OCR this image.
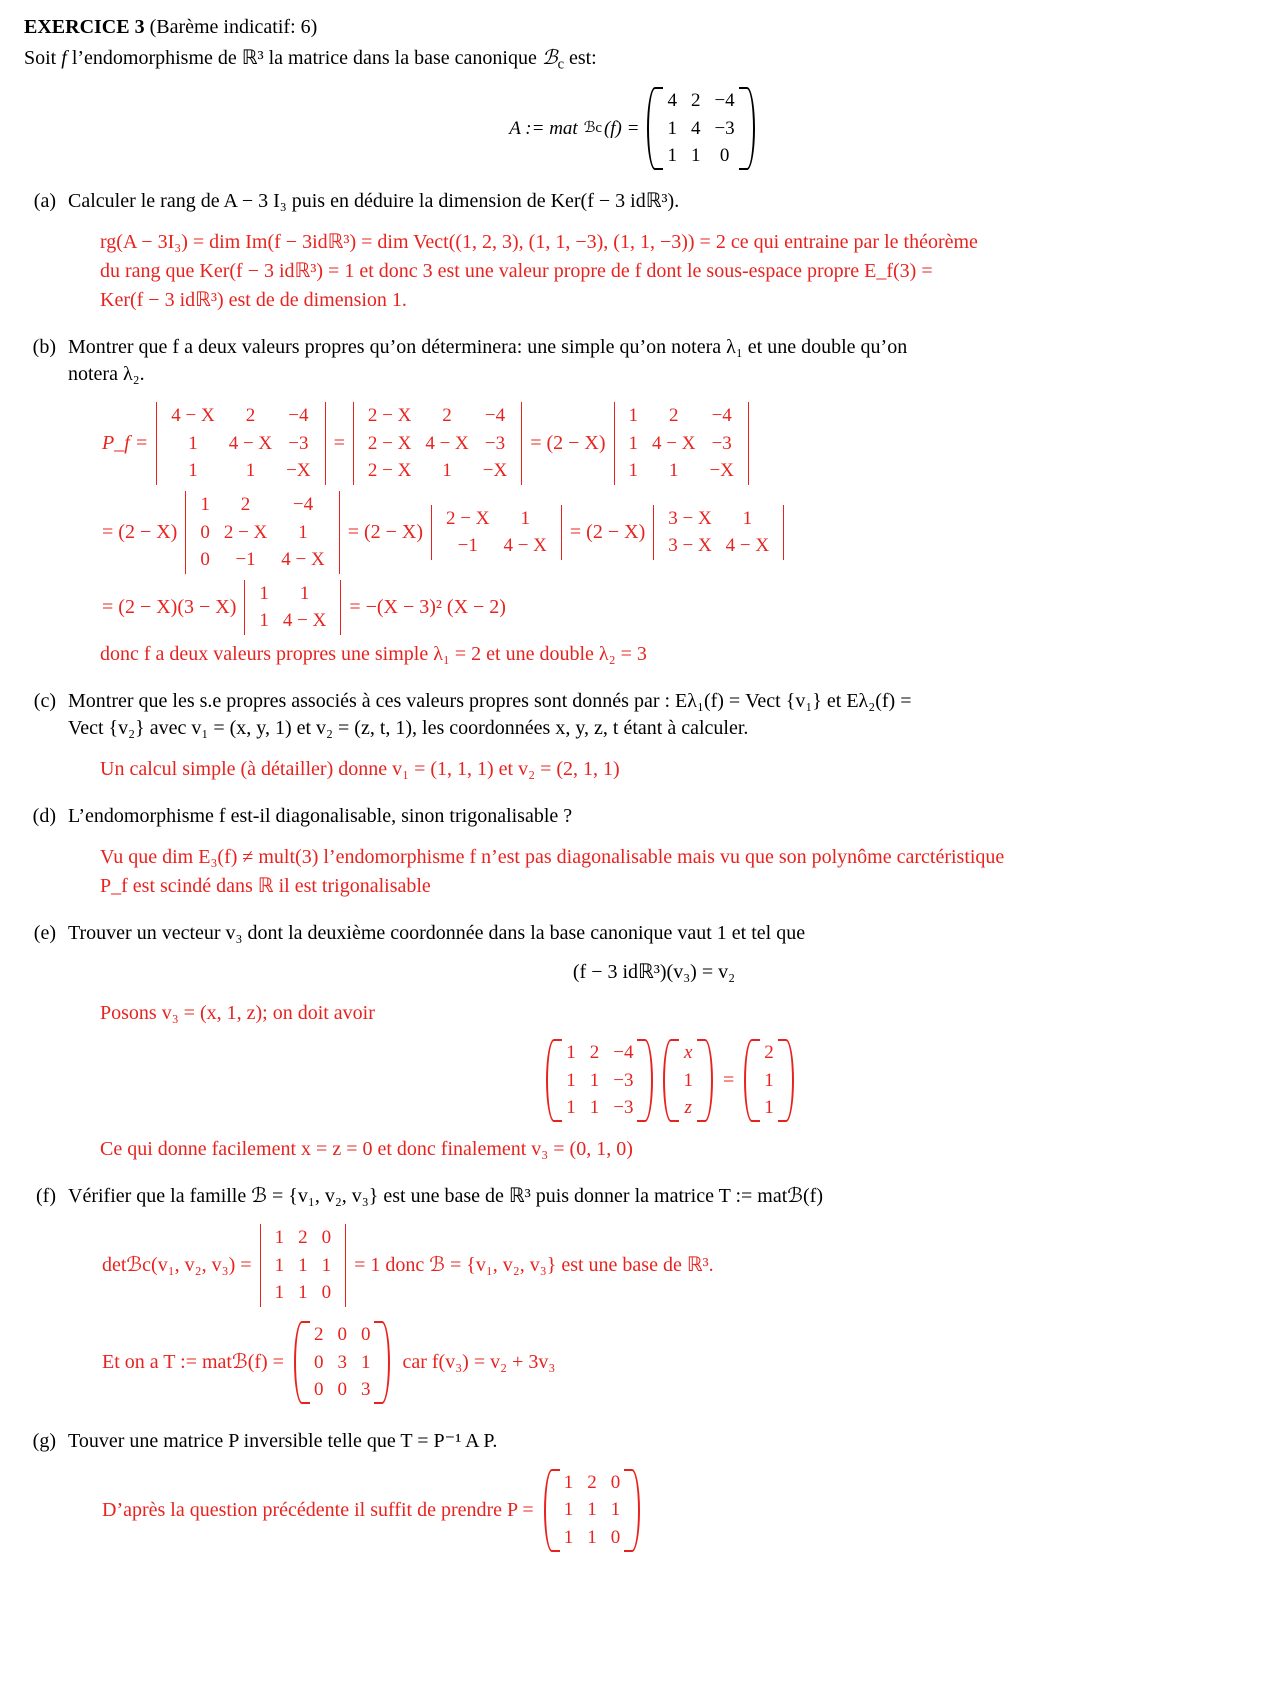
EXERCICE 3 (Barème indicatif: 6)
Soit f l’endomorphisme de ℝ³ la matrice dans la base canonique ℬ$_c$ est:
A := mat ℬc (f) =
4	2	−4
1	4	−3
1	1	0
(a) Calculer le rang de A − 3 I₃ puis en déduire la dimension de Ker(f − 3 idℝ³).

rg(A − 3I₃) = dim Im(f − 3idℝ³) = dim Vect((1, 2, 3), (1, 1, −3), (1, 1, −3)) = 2 ce qui entraine par le théorème

du rang que Ker(f − 3 idℝ³) = 1 et donc 3 est une valeur propre de f dont le sous-espace propre E_f(3) =

Ker(f − 3 idℝ³) est de de dimension 1.

(b) Montrer que f a deux valeurs propres qu’on déterminera: une simple qu’on notera λ₁ et une double qu’on
notera λ₂.
P_f =
4 − X	2	−4
1	4 − X	−3
1	1	−X
=
2 − X	2	−4
2 − X	4 − X	−3
2 − X	1	−X
= (2 − X)
1	2	−4
1	4 − X	−3
1	1	−X
= (2 − X)
1	2	−4
0	2 − X	1
0	−1	4 − X
= (2 − X)
2 − X	1
−1	4 − X
= (2 − X)
3 − X	1
3 − X	4 − X
= (2 − X)(3 − X)
1	1
1	4 − X
= −(X − 3)² (X − 2)

donc f a deux valeurs propres une simple λ₁ = 2 et une double λ₂ = 3

(c) Montrer que les s.e propres associés à ces valeurs propres sont donnés par : Eλ₁(f) = Vect {v₁} et Eλ₂(f) =
Vect {v₂} avec v₁ = (x, y, 1) et v₂ = (z, t, 1), les coordonnées x, y, z, t étant à calculer.

Un calcul simple (à détailler) donne v₁ = (1, 1, 1) et v₂ = (2, 1, 1)

(d) L’endomorphisme f est-il diagonalisable, sinon trigonalisable ?

Vu que dim E₃(f) ≠ mult(3) l’endomorphisme f n’est pas diagonalisable mais vu que son polynôme carctéristique

P_f est scindé dans ℝ il est trigonalisable

(e) Trouver un vecteur v₃ dont la deuxième coordonnée dans la base canonique vaut 1 et tel que
(f − 3 idℝ³)(v₃) = v₂

Posons v₃ = (x, 1, z); on doit avoir

1	2	−4
1	1	−3
1	1	−3
x
1
z
=
2
1
1

Ce qui donne facilement x = z = 0 et donc finalement v₃ = (0, 1, 0)

(f) Vérifier que la famille ℬ = {v₁, v₂, v₃} est une base de ℝ³ puis donner la matrice T := matℬ(f)
detℬc(v₁, v₂, v₃) =
1	2	0
1	1	1
1	1	0
= 1 donc ℬ = {v₁, v₂, v₃} est une base de ℝ³.
Et on a T := matℬ(f) =
2	0	0
0	3	1
0	0	3
car f(v₃) = v₂ + 3v₃
(g) Touver une matrice P inversible telle que T = P⁻¹ A P.
D’après la question précédente il suffit de prendre P =
1	2	0
1	1	1
1	1	0
